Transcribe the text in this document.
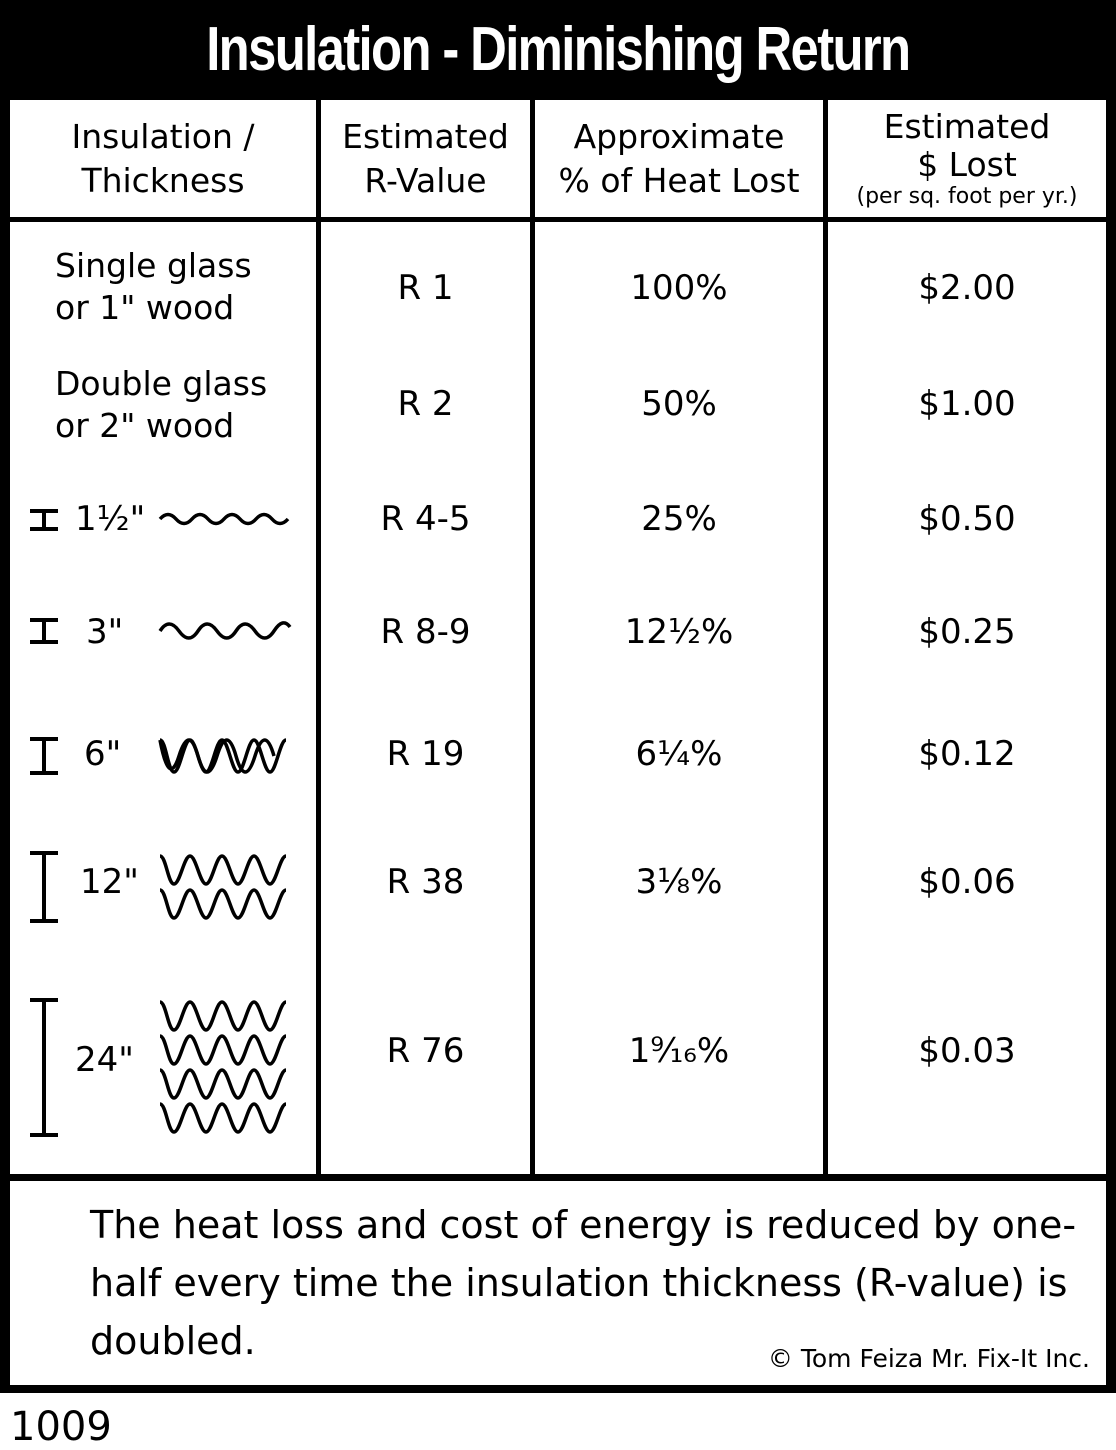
Insulation - Diminishing Return
Insulation /
Thickness
Estimated
R-Value
Approximate
% of Heat Lost
Estimated
$ Lost
(per sq. foot per yr.)
Single glass
or 1" wood
Double glass
or 2" wood
1½"
3"
6"
12"
24"
R 1
R 2
R 4-5
R 8-9
R 19
R 38
R 76
100%
50%
25%
12½%
6¼%
3⅛%
1⁹⁄₁₆%
$2.00
$1.00
$0.50
$0.25
$0.12
$0.06
$0.03
The heat loss and cost of energy is reduced by one-half every time the insulation thickness (R-value) is doubled.	© Tom Feiza Mr. Fix-It Inc.
1009
